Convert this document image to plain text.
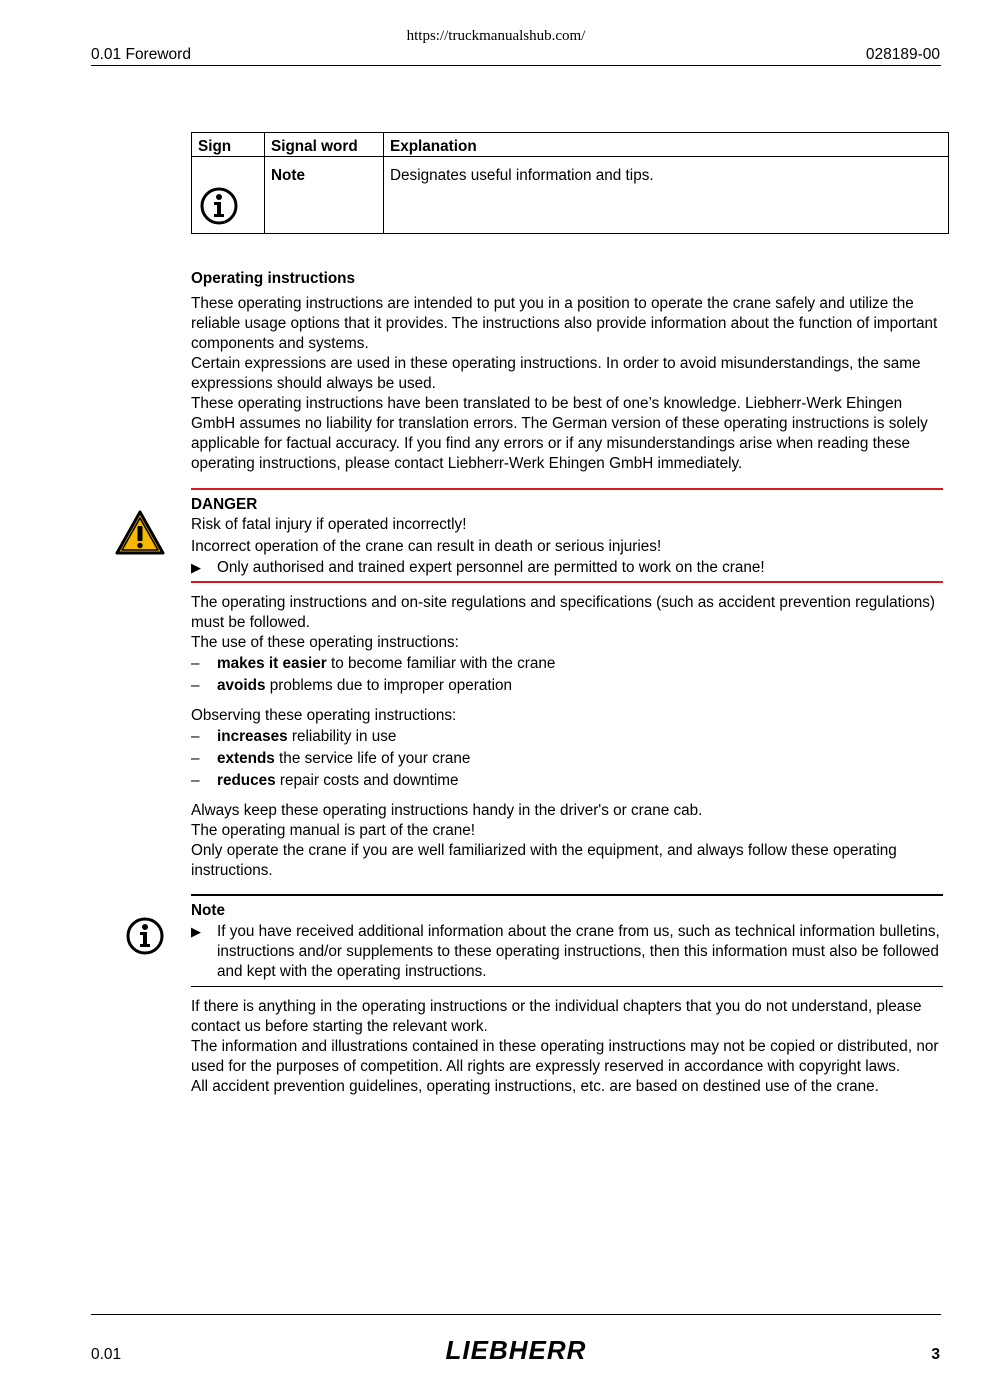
https://truckmanualshub.com/
0.01 Foreword	028189-00
Sign	Signal word	Explanation
	Note	Designates useful information and tips.

Operating instructions

These operating instructions are intended to put you in a position to operate the crane safely and utilize the reliable usage options that it provides. The instructions also provide information about the function of important components and systems.

Certain expressions are used in these operating instructions. In order to avoid misunderstandings, the same expressions should always be used.

These operating instructions have been translated to be best of one’s knowledge. Liebherr-Werk Ehingen GmbH assumes no liability for translation errors. The German version of these operating instructions is solely applicable for factual accuracy. If you find any errors or if any misunderstandings arise when reading these operating instructions, please contact Liebherr-Werk Ehingen GmbH immediately.

DANGER

Risk of fatal injury if operated incorrectly!

Incorrect operation of the crane can result in death or serious injuries!

▶	Only authorised and trained expert personnel are permitted to work on the crane!

The operating instructions and on-site regulations and specifications (such as accident prevention regulations) must be followed.

The use of these operating instructions:

–	makes it easier to become familiar with the crane
–	avoids problems due to improper operation

Observing these operating instructions:

–	increases reliability in use
–	extends the service life of your crane
–	reduces repair costs and downtime

Always keep these operating instructions handy in the driver's or crane cab.

The operating manual is part of the crane!

Only operate the crane if you are well familiarized with the equipment, and always follow these operating instructions.

Note

▶	If you have received additional information about the crane from us, such as technical information bulletins, instructions and/or supplements to these operating instructions, then this information must also be followed and kept with the operating instructions.

If there is anything in the operating instructions or the individual chapters that you do not understand, please contact us before starting the relevant work.

The information and illustrations contained in these operating instructions may not be copied or distributed, nor used for the purposes of competition. All rights are expressly reserved in accordance with copyright laws.

All accident prevention guidelines, operating instructions, etc. are based on destined use of the crane.

0.01	LIEBHERR	3
